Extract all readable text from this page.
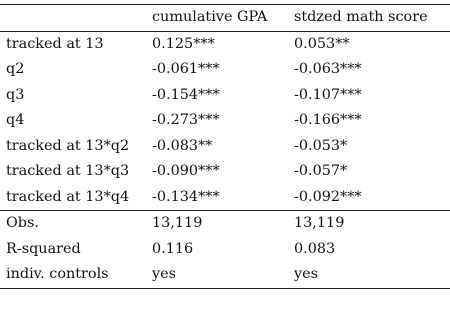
	cumulative GPA	stdzed math score
tracked at 13	0.125***	0.053**
q2	-0.061***	-0.063***
q3	-0.154***	-0.107***
q4	-0.273***	-0.166***
tracked at 13*q2	-0.083**	-0.053*
tracked at 13*q3	-0.090***	-0.057*
tracked at 13*q4	-0.134***	-0.092***
Obs.	13,119	13,119
R-squared	0.116	0.083
indiv. controls	yes	yes
